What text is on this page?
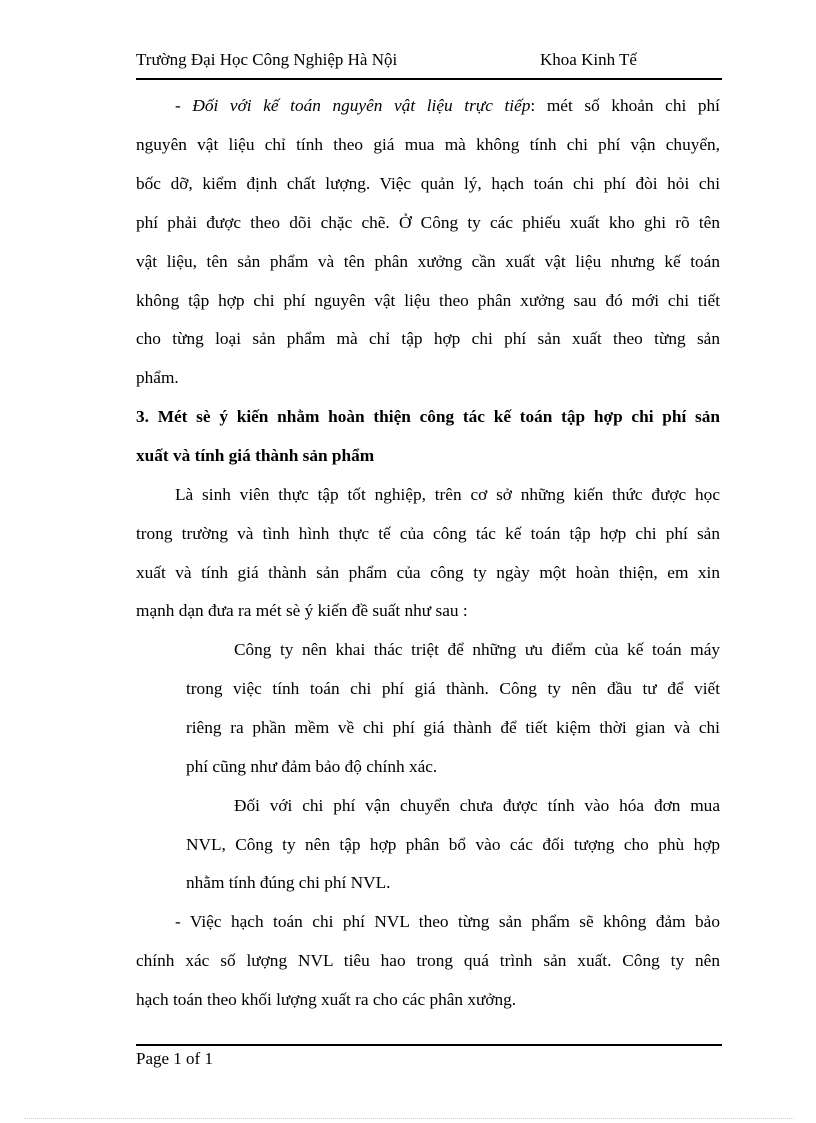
Trường Đại Học Công Nghiệp Hà Nội	Khoa Kinh Tế
- Đối với kế toán nguyên vật liệu trực tiếp: mét số khoản chi phí
nguyên vật liệu chỉ tính theo giá mua mà không tính chi phí vận chuyển,
bốc dỡ, kiểm định chất lượng. Việc quản lý, hạch toán chi phí đòi hỏi chi
phí phải được theo dõi chặc chẽ. Ở Công ty các phiếu xuất kho ghi rõ tên
vật liệu, tên sản phẩm và tên phân xưởng cần xuất vật liệu nhưng kế toán
không tập hợp chi phí nguyên vật liệu theo phân xưởng sau đó mới chi tiết
cho từng loại sản phẩm mà chỉ tập hợp chi phí sản xuất theo từng sản
phẩm.
3. Mét sè ý kiến nhằm hoàn thiện công tác kế toán tập hợp chi phí sản
xuất và tính giá thành sản phẩm
Là sinh viên thực tập tốt nghiệp, trên cơ sở những kiến thức được học
trong trường và tình hình thực tế của công tác kế toán tập hợp chi phí sản
xuất và tính giá thành sản phẩm của công ty ngày một hoàn thiện, em xin
mạnh dạn đưa ra mét sè ý kiến đề suất như sau :
Công ty nên khai thác triệt để những ưu điểm của kế toán máy
trong việc tính toán chi phí giá thành. Công ty nên đầu tư để viết
riêng ra phần mềm về chi phí giá thành để tiết kiệm thời gian và chi
phí cũng như đảm bảo độ chính xác.
Đối với chi phí vận chuyển chưa được tính vào hóa đơn mua
NVL, Công ty nên tập hợp phân bổ vào các đối tượng cho phù hợp
nhằm tính đúng chi phí NVL.
- Việc hạch toán chi phí NVL theo từng sản phẩm sẽ không đảm bảo
chính xác số lượng NVL tiêu hao trong quá trình sản xuất. Công ty nên
hạch toán theo khối lượng xuất ra cho các phân xưởng.
Page 1 of 1
